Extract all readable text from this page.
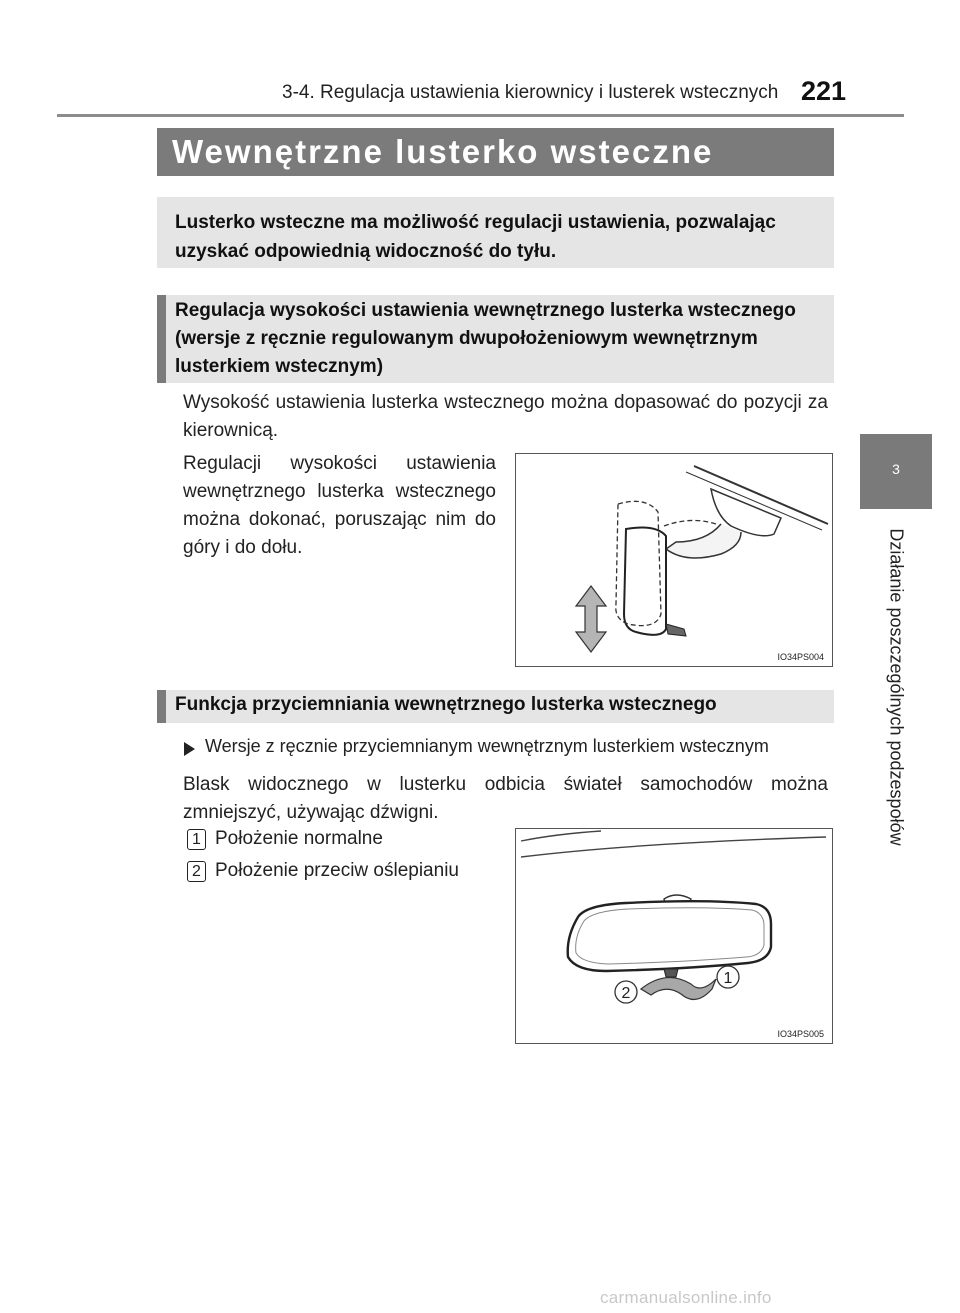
3-4. Regulacja ustawienia kierownicy i lusterek wstecznych 221
3
Działanie poszczególnych podzespołów
Wewnętrzne lusterko wsteczne
Lusterko wsteczne ma możliwość regulacji ustawienia, pozwalając uzyskać odpowiednią widoczność do tyłu.
Regulacja wysokości ustawienia wewnętrznego lusterka wstecznego (wersje z ręcznie regulowanym dwupołożeniowym wewnętrznym lusterkiem wstecznym)
Wysokość ustawienia lusterka wstecznego można dopasować do pozycji za kierownicą.
Regulacji wysokości ustawienia wewnętrznego lusterka wstecznego można dokonać, poruszając nim do góry i do dołu.
IO34PS004
Funkcja przyciemniania wewnętrznego lusterka wstecznego
Wersje z ręcznie przyciemnianym wewnętrznym lusterkiem wstecznym
Blask widocznego w lusterku odbicia świateł samochodów można zmniejszyć, używając dźwigni.
1 Położenie normalne
2 Położenie przeciw oślepianiu
1
2
IO34PS005
carmanualsonline.info
